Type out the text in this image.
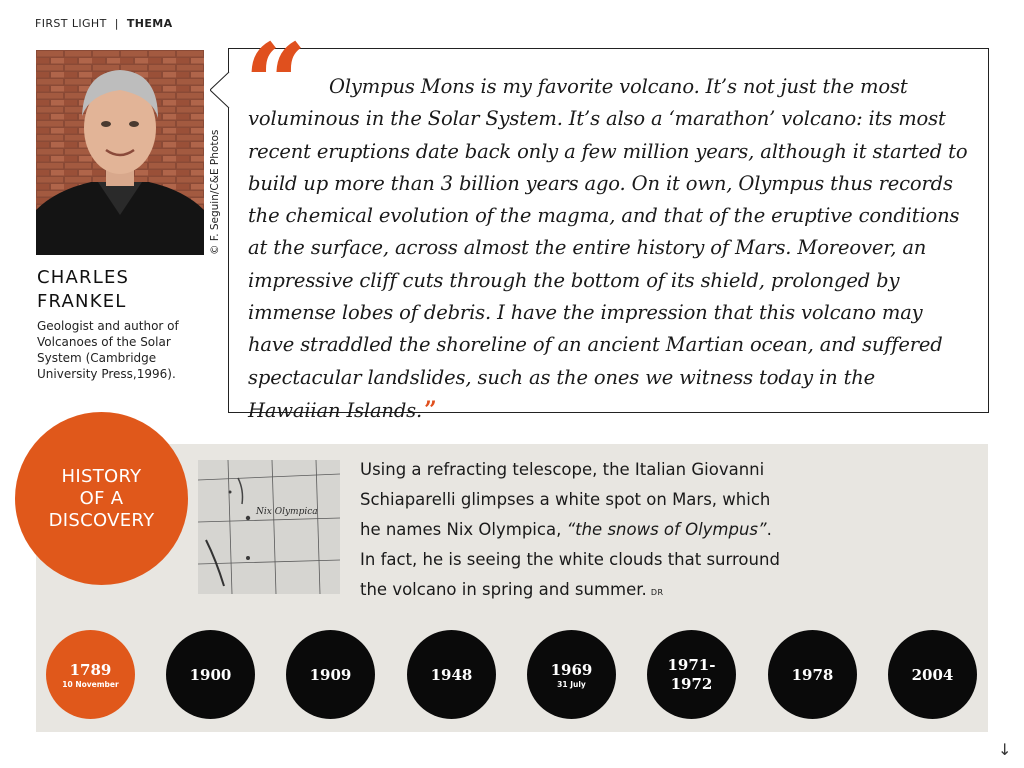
FIRST LIGHT | THEMA
© F. Seguin/C&E Photos
CHARLES
FRANKEL
Geologist and author of Volcanoes of the Solar System (Cambridge University Press,1996).
“	Olympus Mons is my favorite volcano. It’s not just the most voluminous in the Solar System. It’s also a ‘marathon’ volcano: its most recent eruptions date back only a few million years, although it started to build up more than 3 billion years ago. On it own, Olympus thus records the chemical evolution of the magma, and that of the eruptive conditions at the surface, across almost the entire history of Mars. Moreover, an impressive cliff cuts through the bottom of its shield, prolonged by immense lobes of debris. I have the impression that this volcano may have straddled the shoreline of an ancient Martian ocean, and suffered spectacular landslides, such as the ones we witness today in the Hawaiian Islands.”

HISTORY
OF A
DISCOVERY	Nix Olympica
Using a refracting telescope, the Italian Giovanni Schiaparelli glimpses a white spot on Mars, which he names Nix Olympica, “the snows of Olympus”. In fact, he is seeing the white clouds that surround the volcano in spring and summer. DR
1789
10 November
1900	1909	1948	1969
31 July
1971-
1972	1978	2004
↓
